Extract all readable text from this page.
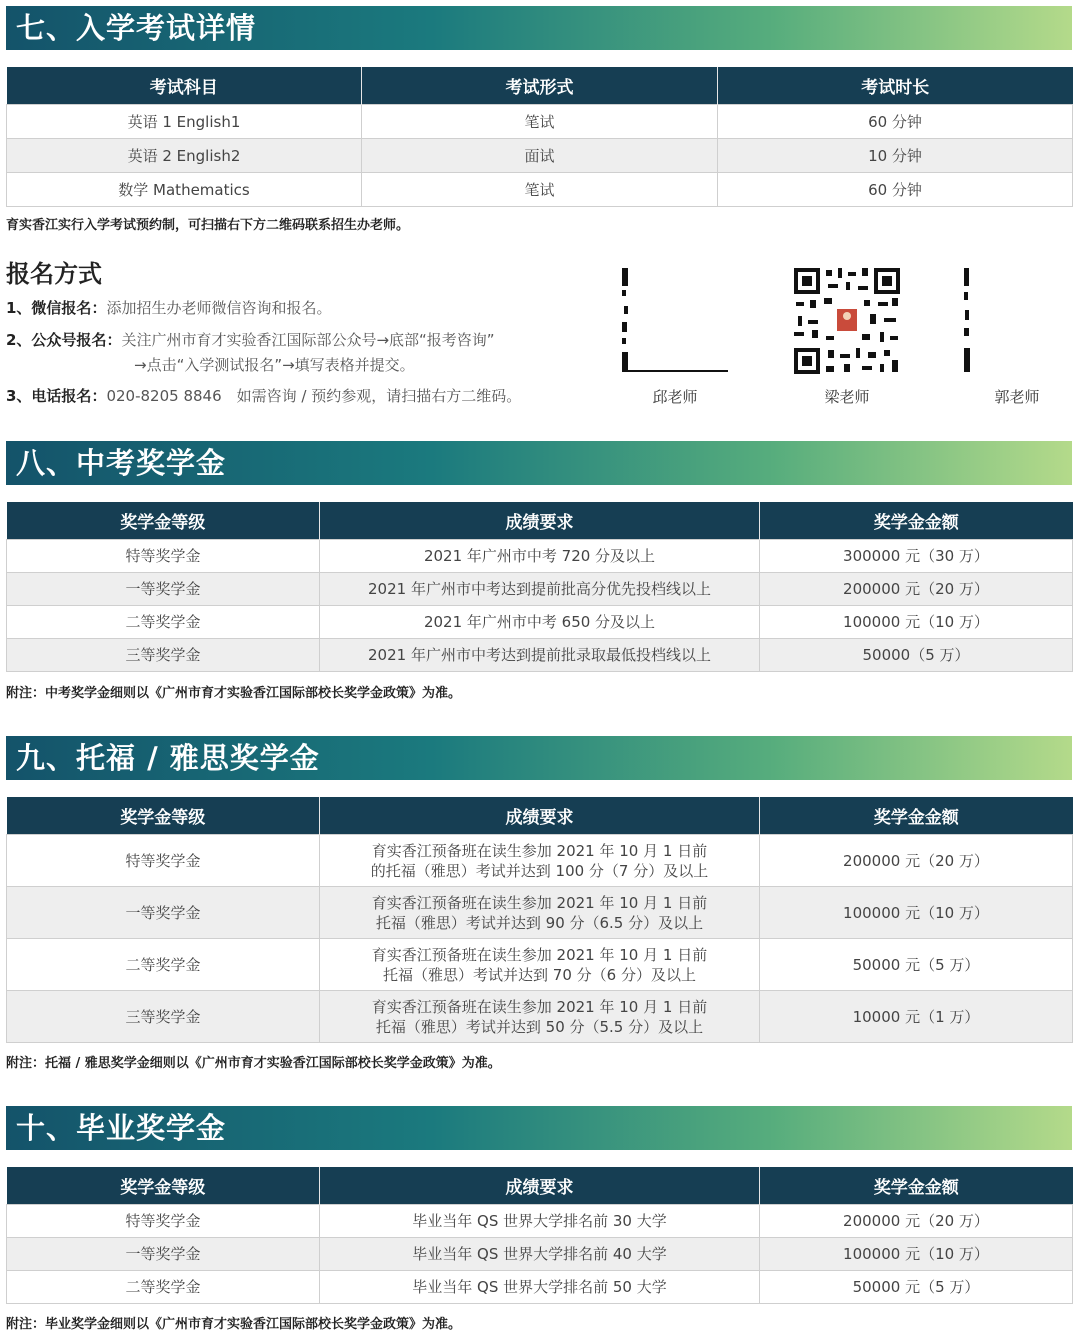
七、入学考试详情
考试科目	考试形式	考试时长
英语 1 English1	笔试	60 分钟
英语 2 English2	面试	10 分钟
数学 Mathematics	笔试	60 分钟
育实香江实行入学考试预约制，可扫描右下方二维码联系招生办老师。
报名方式
1、微信报名：添加招生办老师微信咨询和报名。
2、公众号报名：关注广州市育才实验香江国际部公众号→底部“报考咨询”
→点击“入学测试报名”→填写表格并提交。
3、电话报名：020-8205 8846　如需咨询 / 预约参观，请扫描右方二维码。	邱老师	梁老师	郭老师
八、中考奖学金
奖学金等级	成绩要求	奖学金金额
特等奖学金	2021 年广州市中考 720 分及以上	300000 元（30 万）
一等奖学金	2021 年广州市中考达到提前批高分优先投档线以上	200000 元（20 万）
二等奖学金	2021 年广州市中考 650 分及以上	100000 元（10 万）
三等奖学金	2021 年广州市中考达到提前批录取最低投档线以上	50000（5 万）
附注：中考奖学金细则以《广州市育才实验香江国际部校长奖学金政策》为准。
九、托福 / 雅思奖学金
奖学金等级	成绩要求	奖学金金额
特等奖学金	育实香江预备班在读生参加 2021 年 10 月 1 日前
的托福（雅思）考试并达到 100 分（7 分）及以上	200000 元（20 万）
一等奖学金	育实香江预备班在读生参加 2021 年 10 月 1 日前
托福（雅思）考试并达到 90 分（6.5 分）及以上	100000 元（10 万）
二等奖学金	育实香江预备班在读生参加 2021 年 10 月 1 日前
托福（雅思）考试并达到 70 分（6 分）及以上	50000 元（5 万）
三等奖学金	育实香江预备班在读生参加 2021 年 10 月 1 日前
托福（雅思）考试并达到 50 分（5.5 分）及以上	10000 元（1 万）
附注：托福 / 雅思奖学金细则以《广州市育才实验香江国际部校长奖学金政策》为准。
十、毕业奖学金
奖学金等级	成绩要求	奖学金金额
特等奖学金	毕业当年 QS 世界大学排名前 30 大学	200000 元（20 万）
一等奖学金	毕业当年 QS 世界大学排名前 40 大学	100000 元（10 万）
二等奖学金	毕业当年 QS 世界大学排名前 50 大学	50000 元（5 万）
附注：毕业奖学金细则以《广州市育才实验香江国际部校长奖学金政策》为准。
